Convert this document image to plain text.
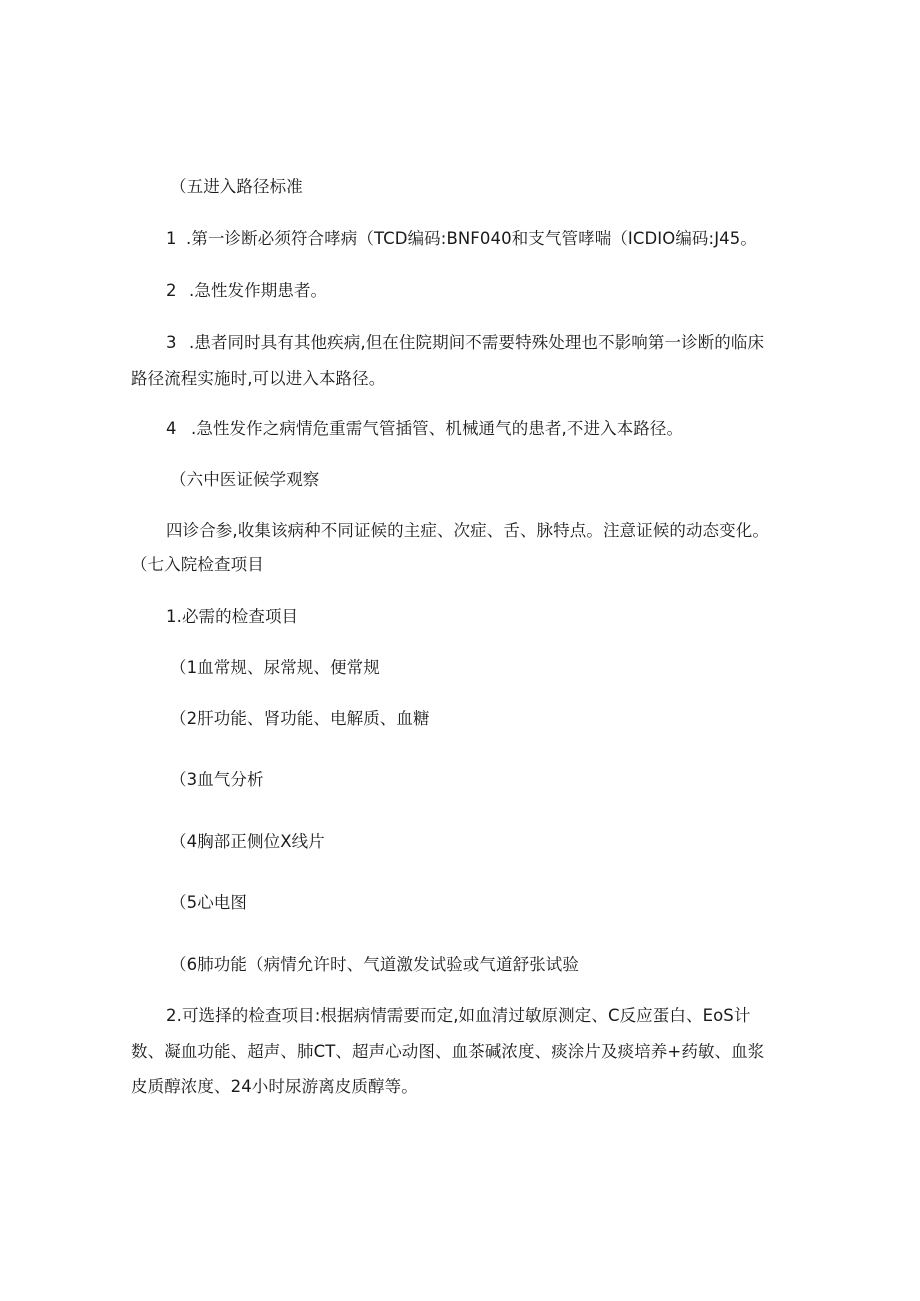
（五进入路径标准
1 .第一诊断必须符合哮病（TCD编码:BNF040和支气管哮喘（ICDIO编码:J45。
2 .急性发作期患者。
3 .患者同时具有其他疾病,但在住院期间不需要特殊处理也不影响第一诊断的临床
路径流程实施时,可以进入本路径。
4 .急性发作之病情危重需气管插管、机械通气的患者,不进入本路径。
（六中医证候学观察
四诊合参,收集该病种不同证候的主症、次症、舌、脉特点。注意证候的动态变化。
（七入院检查项目
1.必需的检查项目
（1血常规、尿常规、便常规
（2肝功能、肾功能、电解质、血糖
（3血气分析
（4胸部正侧位X线片
（5心电图
（6肺功能（病情允许时、气道激发试验或气道舒张试验
2.可选择的检查项目:根据病情需要而定,如血清过敏原测定、C反应蛋白、EoS计
数、凝血功能、超声、肺CT、超声心动图、血茶碱浓度、痰涂片及痰培养+药敏、血浆
皮质醇浓度、24小时尿游离皮质醇等。
